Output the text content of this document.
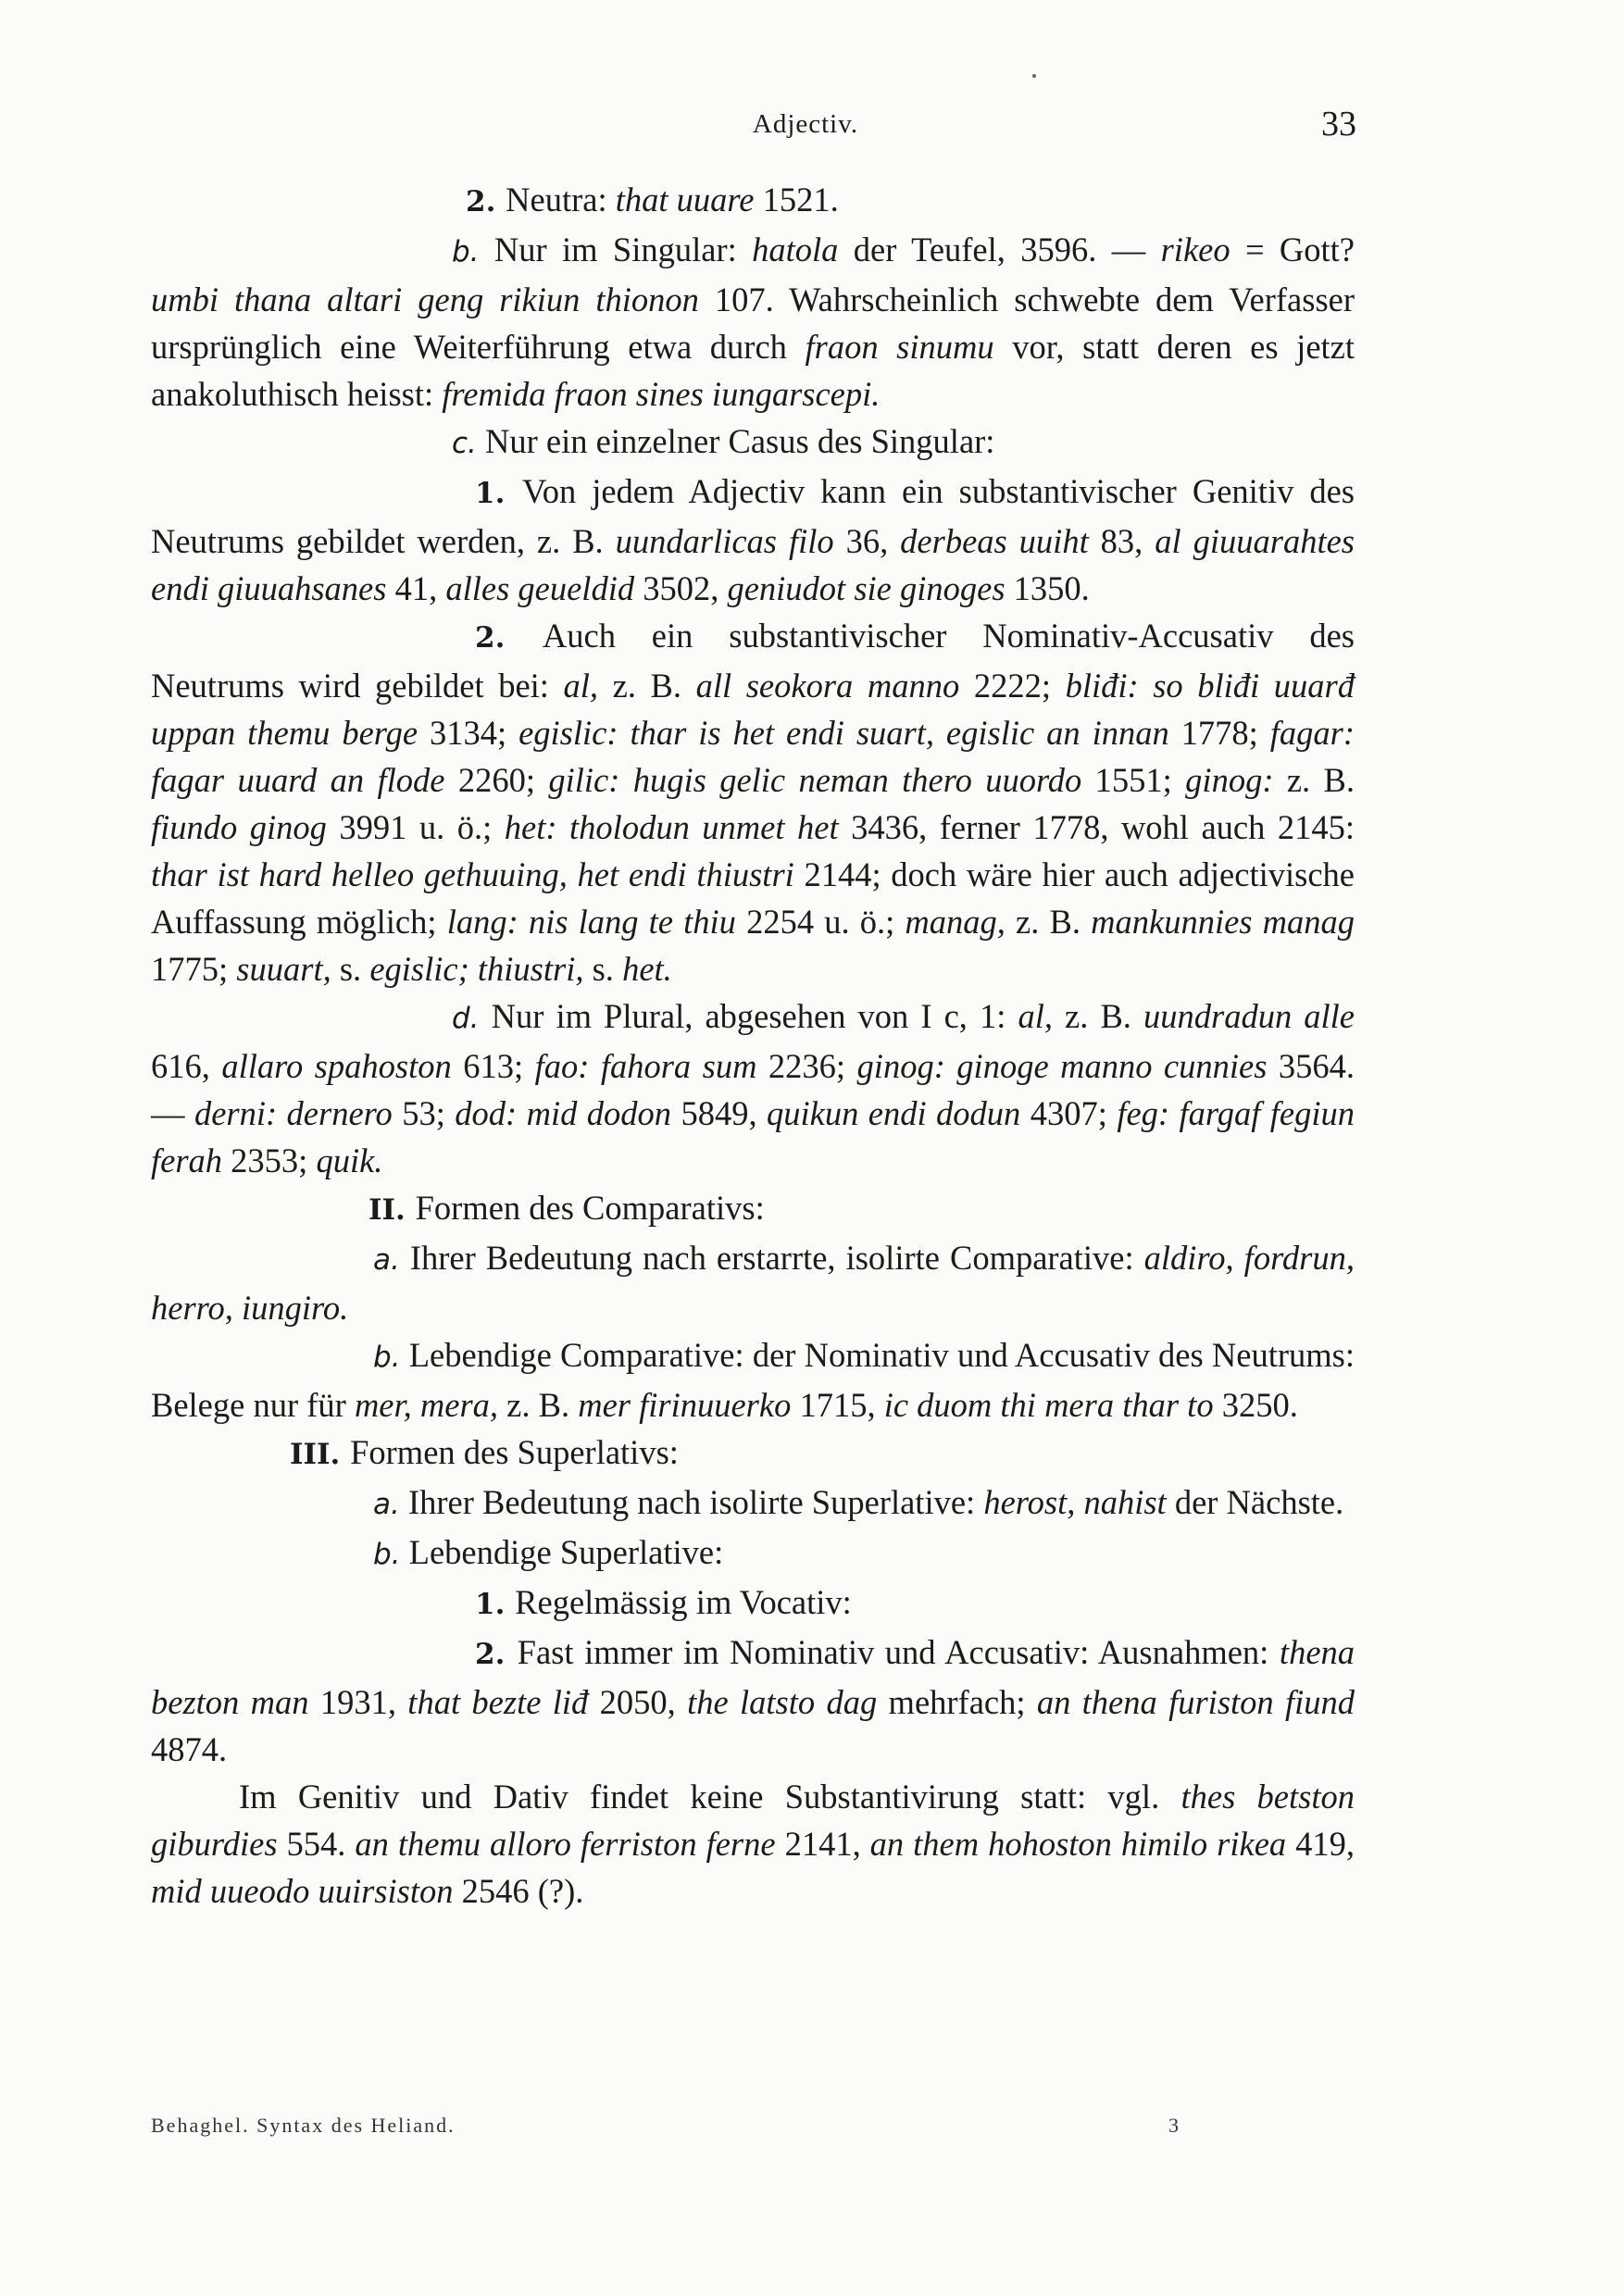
Adjectiv.	33

2. Neutra: that uuare 1521.

b. Nur im Singular: hatola der Teufel, 3596. — rikeo = Gott? umbi thana altari geng rikiun thionon 107. Wahrscheinlich schwebte dem Verfasser ursprünglich eine Weiterführung etwa durch fraon sinumu vor, statt deren es jetzt anakoluthisch heisst: fremida fraon sines iungarscepi.

c. Nur ein einzelner Casus des Singular:

1. Von jedem Adjectiv kann ein substantivischer Genitiv des Neutrums gebildet werden, z. B. uundarlicas filo 36, derbeas uuiht 83, al giuuarahtes endi giuuahsanes 41, alles geueldid 3502, geniudot sie ginoges 1350.

2. Auch ein substantivischer Nominativ-Accusativ des Neutrums wird gebildet bei: al, z. B. all seokora manno 2222; bliđi: so bliđi uuarđ uppan themu berge 3134; egislic: thar is het endi suart, egislic an innan 1778; fagar: fagar uuard an flode 2260; gilic: hugis gelic neman thero uuordo 1551; ginog: z. B. fiundo ginog 3991 u. ö.; het: tholodun unmet het 3436, ferner 1778, wohl auch 2145: thar ist hard helleo gethuuing, het endi thiustri 2144; doch wäre hier auch adjectivische Auffassung möglich; lang: nis lang te thiu 2254 u. ö.; manag, z. B. mankunnies manag 1775; suuart, s. egislic; thiustri, s. het.

d. Nur im Plural, abgesehen von I c, 1: al, z. B. uundradun alle 616, allaro spahoston 613; fao: fahora sum 2236; ginog: ginoge manno cunnies 3564. — derni: dernero 53; dod: mid dodon 5849, quikun endi dodun 4307; feg: fargaf fegiun ferah 2353; quik.

II. Formen des Comparativs:

a. Ihrer Bedeutung nach erstarrte, isolirte Comparative: aldiro, fordrun, herro, iungiro.

b. Lebendige Comparative: der Nominativ und Accusativ des Neutrums: Belege nur für mer, mera, z. B. mer firinuuerko 1715, ic duom thi mera thar to 3250.

III. Formen des Superlativs:

a. Ihrer Bedeutung nach isolirte Superlative: herost, nahist der Nächste.

b. Lebendige Superlative:

1. Regelmässig im Vocativ:

2. Fast immer im Nominativ und Accusativ: Ausnahmen: thena bezton man 1931, that bezte liđ 2050, the latsto dag mehrfach; an thena furiston fiund 4874.

Im Genitiv und Dativ findet keine Substantivirung statt: vgl. thes betston giburdies 554. an themu alloro ferriston ferne 2141, an them hohoston himilo rikea 419, mid uueodo uuirsiston 2546 (?).

Behaghel. Syntax des Heliand.	3
